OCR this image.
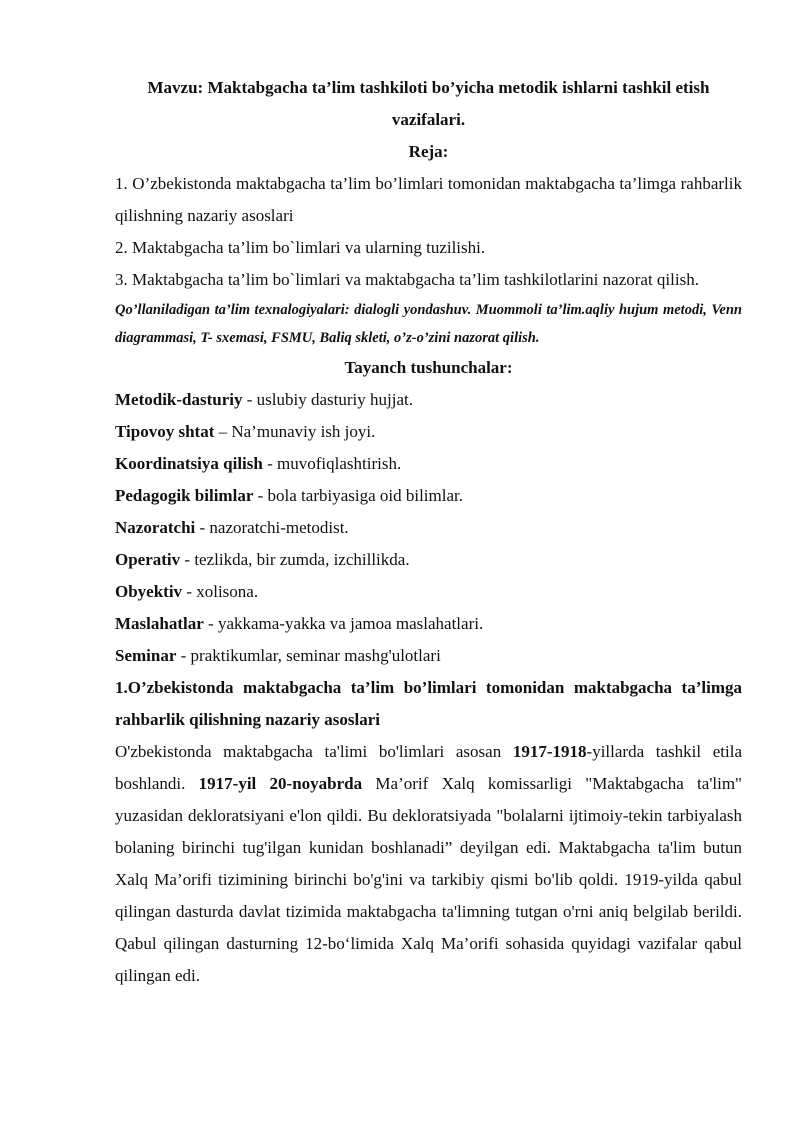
Mavzu: Maktabgacha ta’lim tashkiloti bo’yicha metodik ishlarni tashkil etish vazifalari.

Reja:

1. O’zbekistonda maktabgacha ta’lim bo’limlari tomonidan maktabgacha ta’limga rahbarlik qilishning nazariy asoslari

2. Maktabgacha ta’lim bo`limlari va ularning tuzilishi.

3. Maktabgacha ta’lim bo`limlari va maktabgacha ta’lim tashkilotlarini nazorat qilish.

Qo’llaniladigan ta’lim texnalogiyalari: dialogli yondashuv. Muommoli ta’lim.aqliy hujum metodi, Venn diagrammasi, T- sxemasi, FSMU, Baliq skleti, o’z-o’zini nazorat qilish.

Tayanch tushunchalar:

Metodik-dasturiy - uslubiy dasturiy hujjat.

Tipovoy shtat – Na’munaviy ish joyi.

Koordinatsiya qilish - muvofiqlashtirish.

Pedagogik bilimlar - bola tarbiyasiga oid bilimlar.

Nazoratchi - nazoratchi-metodist.

Operativ - tezlikda, bir zumda, izchillikda.

Obyektiv - xolisona.

Maslahatlar - yakkama-yakka va jamoa maslahatlari.

Seminar - praktikumlar, seminar mashg'ulotlari

1.O’zbekistonda maktabgacha ta’lim bo’limlari tomonidan maktabgacha ta’limga rahbarlik qilishning nazariy asoslari

O'zbekistonda maktabgacha ta'limi bo'limlari asosan 1917-1918-yillarda tashkil etila boshlandi. 1917-yil 20-noyabrda Ma’orif Xalq komissarligi "Maktabgacha ta'lim" yuzasidan dekloratsiyani e'lon qildi. Bu dekloratsiyada "bolalarni ijtimoiy-tekin tarbiyalash bolaning birinchi tug'ilgan kunidan boshlanadi” deyilgan edi. Maktabgacha ta'lim butun Xalq Ma’orifi tizimining birinchi bo'g'ini va tarkibiy qismi bo'lib qoldi. 1919-yilda qabul qilingan dasturda davlat tizimida maktabgacha ta'limning tutgan o'rni aniq belgilab berildi. Qabul qilingan dasturning 12-bo‘limida Xalq Ma’orifi sohasida quyidagi vazifalar qabul qilingan edi.
